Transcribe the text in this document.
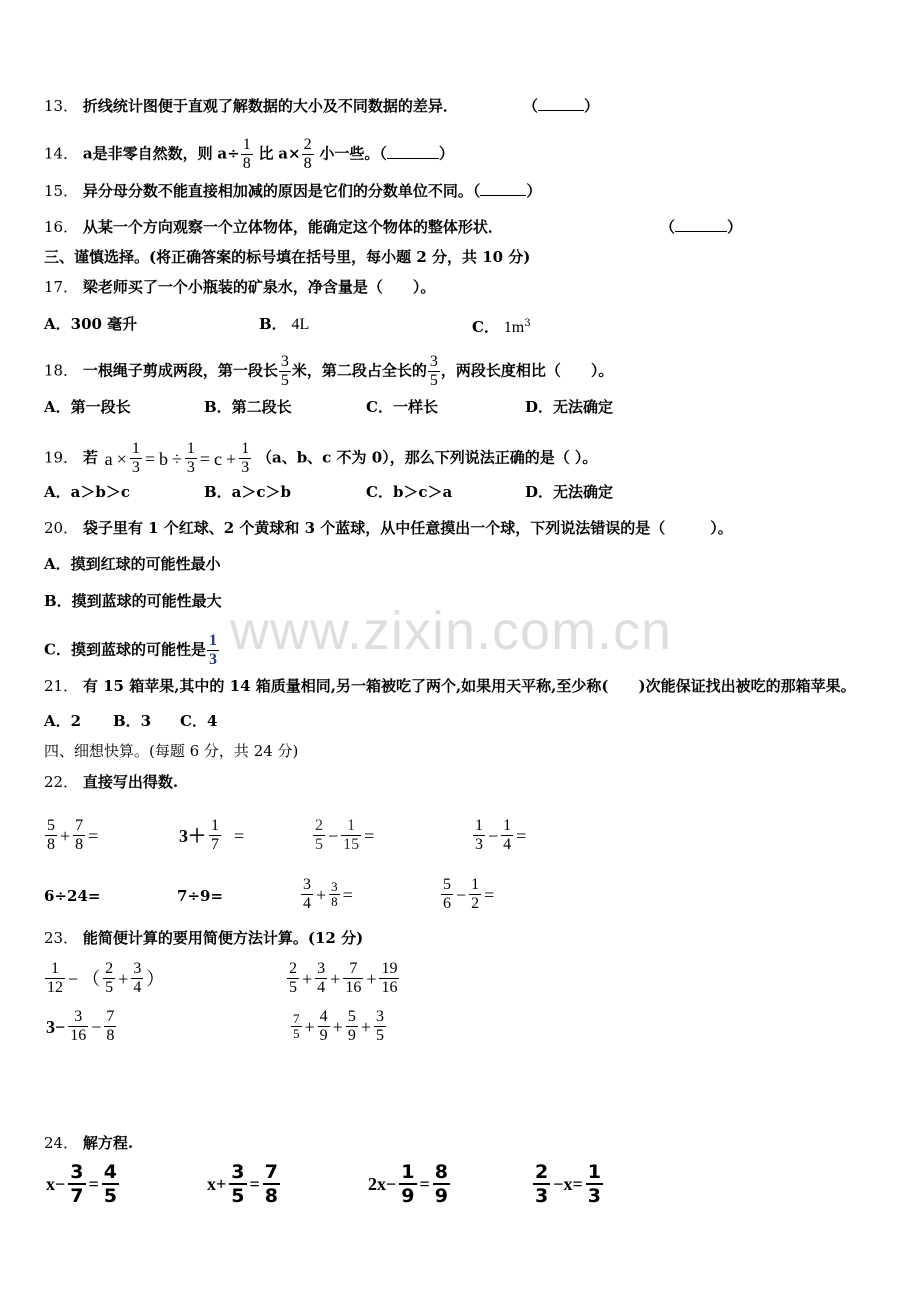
13． 折线统计图便于直观了解数据的大小及不同数据的差异．	（	）
14． a是非零自然数，则 $a\div \frac{1}{8}$ 比 $a\times \frac{2}{8}$ 小一些。（	）
15． 异分母分数不能直接相加减的原因是它们的分数单位不同。（	）
16． 从某一个方向观察一个立体物体，能确定这个物体的整体形状．	（	）
三、谨慎选择。(将正确答案的标号填在括号里，每小题 2 分，共 10 分)
17． 梁老师买了一个小瓶装的矿泉水，净含量是（　　）。
A．300 毫升	B． 4L	C． $1m^3$
18． 一根绳子剪成两段，第一段长 $\frac{3}{5}$ 米，第二段占全长的 $\frac{3}{5}$ ，两段长度相比（　　）。
A．第一段长	B．第二段长	C．一样长	D．无法确定
19． 若 $a \times \frac{1}{3} = b \div \frac{1}{3} = c + \frac{1}{3} (a$、b、c 不为 0），那么下列说法正确的是（ ）。
A．a＞b＞c	B．a＞c＞b	C．b＞c＞a	D．无法确定
20． 袋子里有 1 个红球、2 个黄球和 3 个蓝球，从中任意摸出一个球，下列说法错误的是（　　　）。
A．摸到红球的可能性最小
B．摸到蓝球的可能性最大
C．摸到蓝球的可能性是 $\frac{1}{3}$
21． 有 15 箱苹果,其中的 14 箱质量相同,另一箱被吃了两个,如果用天平称,至少称(　　)次能保证找出被吃的那箱苹果。
A．2 B．3 C．4
四、细想快算。(每题 6 分，共 24 分)
22． 直接写出得数.
$\frac{5}{8} + \frac{7}{8}$ =	$3+ \frac{1}{7}$ =	$\frac{2}{5} - \frac{1}{15}$ =	$\frac{1}{3} - \frac{1}{4}$ =
6÷24=	7÷9=	$\frac{3}{4} + \frac{3}{8}$ =	$\frac{5}{6} - \frac{1}{2}$ =
23． 能简便计算的要用简便方法计算。(12 分)
$\frac{1}{12}$ − （ $\frac{2}{5} + \frac{3}{4}$ ）	$\frac{2}{5} + \frac{3}{4} + \frac{7}{16} + \frac{19}{16}$
$3- \frac{3}{16} - \frac{7}{8}$	$\frac{7}{5} + \frac{4}{9} + \frac{5}{9} + \frac{3}{5}$
24． 解方程.
$x- \frac{3}{7} = \frac{4}{5}$	$x+ \frac{3}{5} = \frac{7}{8}$	$2x- \frac{1}{9} = \frac{8}{9}$	$\frac{2}{3} -x= \frac{1}{3}$
www.zixin.com.cn
